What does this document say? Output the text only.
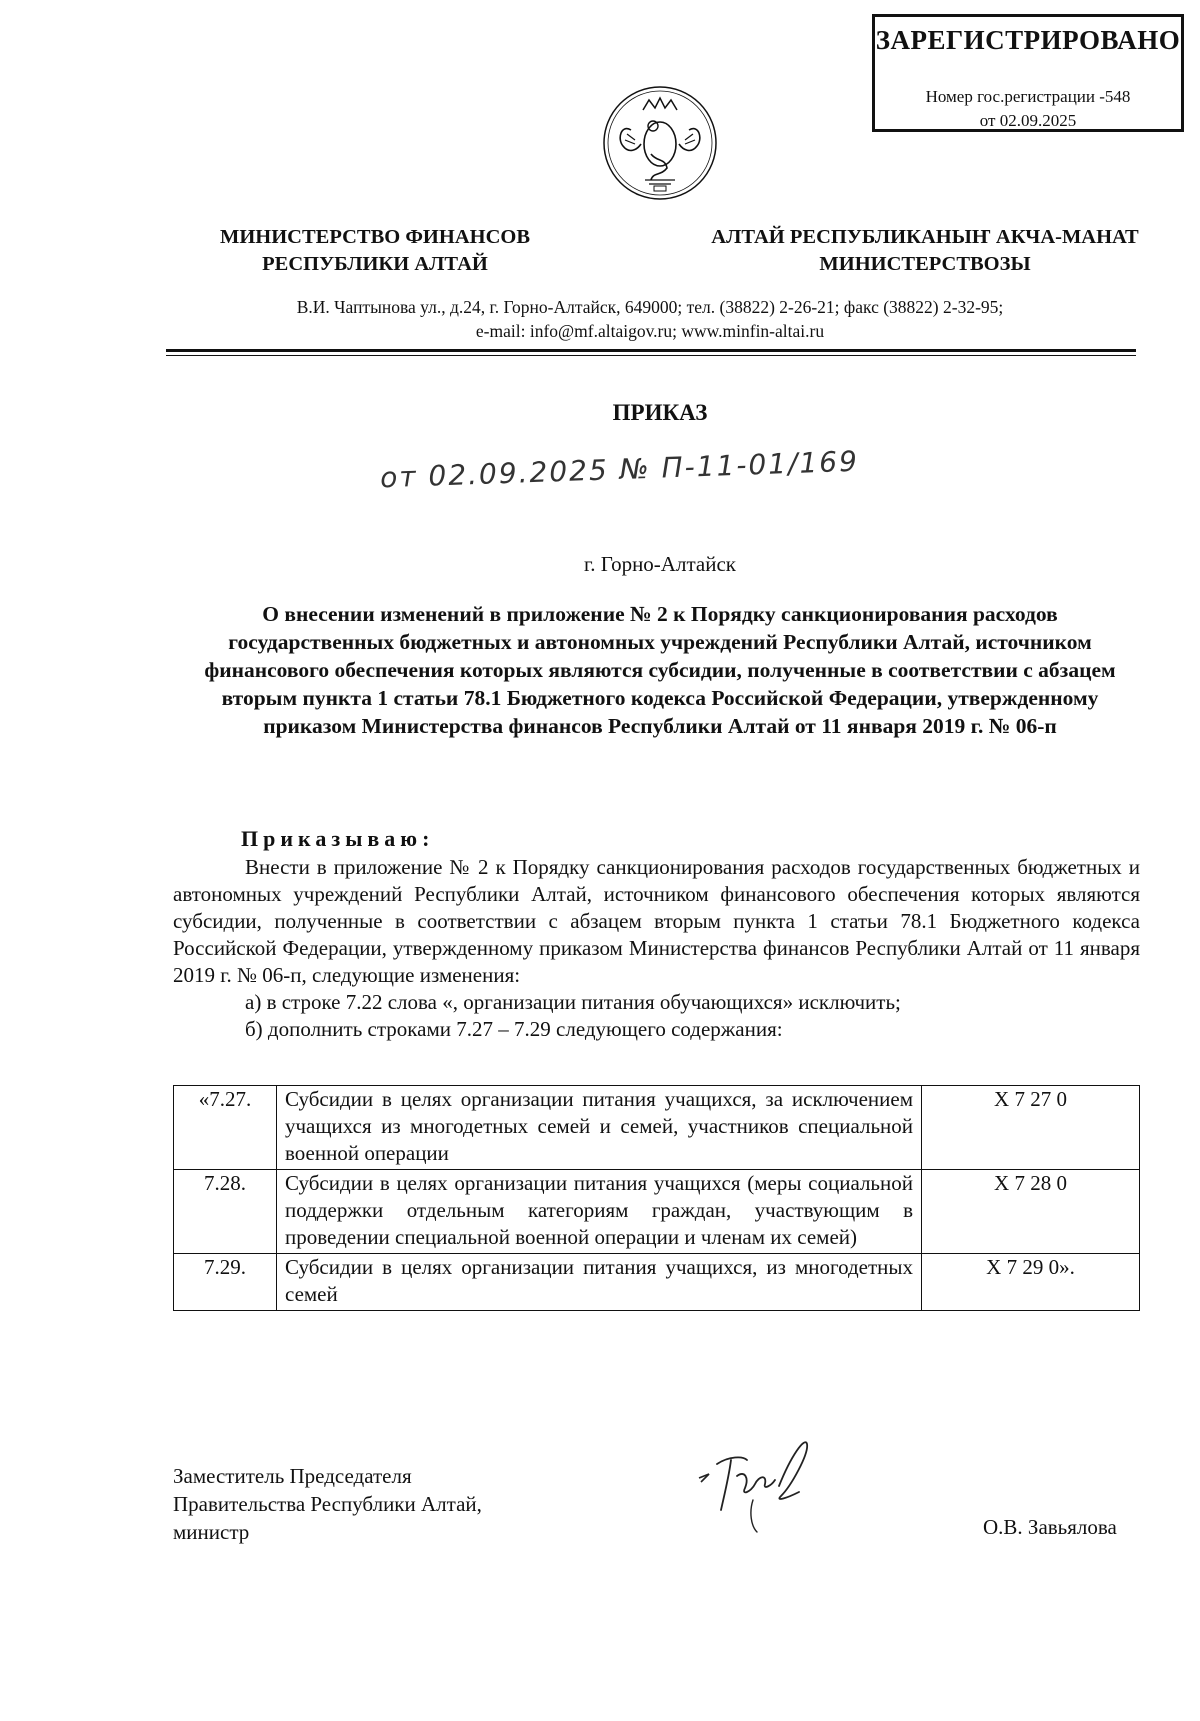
ЗАРЕГИСТРИРОВАНО
Номер гос.регистрации -548
от 02.09.2025
МИНИСТЕРСТВО ФИНАНСОВ РЕСПУБЛИКИ АЛТАЙ
АЛТАЙ РЕСПУБЛИКАНЫҤ АКЧА-МАНАТ МИНИСТЕРСТВОЗЫ
В.И. Чаптынова ул., д.24, г. Горно-Алтайск, 649000; тел. (38822) 2-26-21; факс (38822) 2-32-95;
e-mail: info@mf.altaigov.ru; www.minfin-altai.ru
ПРИКАЗ
от 02.09.2025 № П-11-01/169
г. Горно-Алтайск
О внесении изменений в приложение № 2 к Порядку санкционирования расходов государственных бюджетных и автономных учреждений Республики Алтай, источником финансового обеспечения которых являются субсидии, полученные в соответствии с абзацем вторым пункта 1 статьи 78.1 Бюджетного кодекса Российской Федерации, утвержденному приказом Министерства финансов Республики Алтай от 11 января 2019 г. № 06-п
Приказываю:

Внести в приложение № 2 к Порядку санкционирования расходов государственных бюджетных и автономных учреждений Республики Алтай, источником финансового обеспечения которых являются субсидии, полученные в соответствии с абзацем вторым пункта 1 статьи 78.1 Бюджетного кодекса Российской Федерации, утвержденному приказом Министерства финансов Республики Алтай от 11 января 2019 г. № 06-п, следующие изменения:

а) в строке 7.22 слова «, организации питания обучающихся» исключить;

б) дополнить строками 7.27 – 7.29 следующего содержания:

«7.27.	Субсидии в целях организации питания учащихся, за исключением учащихся из многодетных семей и семей, участников специальной военной операции	X 7 27 0
7.28.	Субсидии в целях организации питания учащихся (меры социальной поддержки отдельным категориям граждан, участвующим в проведении специальной военной операции и членам их семей)	X 7 28 0
7.29.	Субсидии в целях организации питания учащихся, из многодетных семей	X 7 29 0».
Заместитель Председателя
Правительства Республики Алтай,
министр	О.В. Завьялова
